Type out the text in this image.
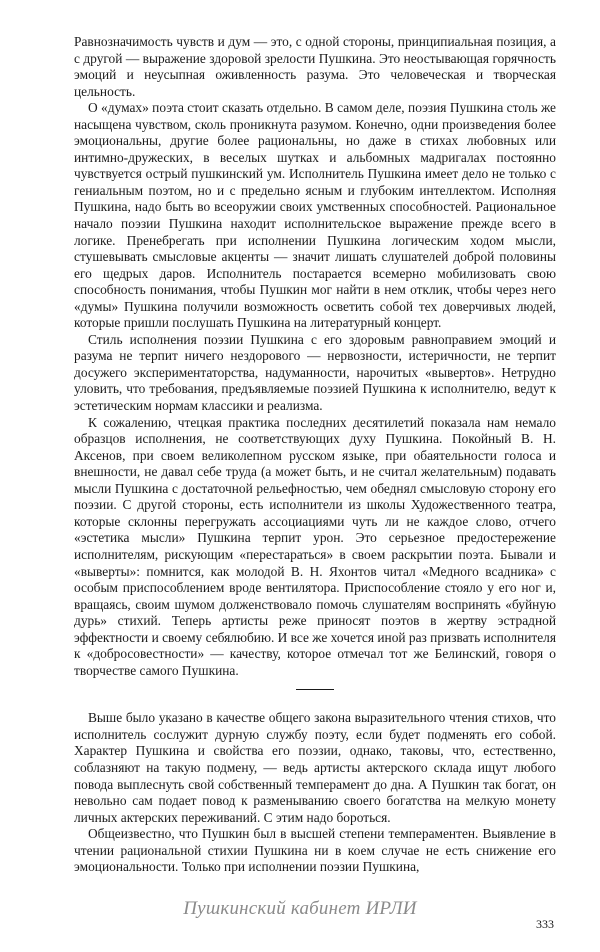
Равнозначимость чувств и дум — это, с одной стороны, принципиальная позиция, а с другой — выражение здоровой зрелости Пушкина. Это неостывающая горячность эмоций и неусыпная оживленность разума. Это человеческая и творческая цельность.

О «думах» поэта стоит сказать отдельно. В самом деле, поэзия Пушкина столь же насыщена чувством, сколь проникнута разумом. Конечно, одни произведения более эмоциональны, другие более рациональны, но даже в стихах любовных или интимно-дружеских, в веселых шутках и альбомных мадригалах постоянно чувствуется острый пушкинский ум. Исполнитель Пушкина имеет дело не только с гениальным поэтом, но и с предельно ясным и глубоким интеллектом. Исполняя Пушкина, надо быть во всеоружии своих умственных способностей. Рациональное начало поэзии Пушкина находит исполнительское выражение прежде всего в логике. Пренебрегать при исполнении Пушкина логическим ходом мысли, стушевывать смысловые акценты — значит лишать слушателей доброй половины его щедрых даров. Исполнитель постарается всемерно мобилизовать свою способность понимания, чтобы Пушкин мог найти в нем отклик, чтобы через него «думы» Пушкина получили возможность осветить собой тех доверчивых людей, которые пришли послушать Пушкина на литературный концерт.

Стиль исполнения поэзии Пушкина с его здоровым равноправием эмоций и разума не терпит ничего нездорового — нервозности, истеричности, не терпит досужего экспериментаторства, надуманности, нарочитых «вывертов». Нетрудно уловить, что требования, предъявляемые поэзией Пушкина к исполнителю, ведут к эстетическим нормам классики и реализма.

К сожалению, чтецкая практика последних десятилетий показала нам немало образцов исполнения, не соответствующих духу Пушкина. Покойный В. Н. Аксенов, при своем великолепном русском языке, при обаятельности голоса и внешности, не давал себе труда (а может быть, и не считал желательным) подавать мысли Пушкина с достаточной рельефностью, чем обеднял смысловую сторону его поэзии. С другой стороны, есть исполнители из школы Художественного театра, которые склонны перегружать ассоциациями чуть ли не каждое слово, отчего «эстетика мысли» Пушкина терпит урон. Это серьезное предостережение исполнителям, рискующим «перестараться» в своем раскрытии поэта. Бывали и «выверты»: помнится, как молодой В. Н. Яхонтов читал «Медного всадника» с особым приспособлением вроде вентилятора. Приспособление стояло у его ног и, вращаясь, своим шумом долженствовало помочь слушателям воспринять «буйную дурь» стихий. Теперь артисты реже приносят поэтов в жертву эстрадной эффектности и своему себялюбию. И все же хочется иной раз призвать исполнителя к «добросовестности» — качеству, которое отмечал тот же Белинский, говоря о творчестве самого Пушкина.

Выше было указано в качестве общего закона выразительного чтения стихов, что исполнитель сослужит дурную службу поэту, если будет подменять его собой. Характер Пушкина и свойства его поэзии, однако, таковы, что, естественно, соблазняют на такую подмену, — ведь артисты актерского склада ищут любого повода выплеснуть свой собственный темперамент до дна. А Пушкин так богат, он невольно сам подает повод к разменыванию своего богатства на мелкую монету личных актерских переживаний. С этим надо бороться.

Общеизвестно, что Пушкин был в высшей степени темпераментен. Выявление в чтении рациональной стихии Пушкина ни в коем случае не есть снижение его эмоциональности. Только при исполнении поэзии Пушкина,

Пушкинский кабинет ИРЛИ
333
